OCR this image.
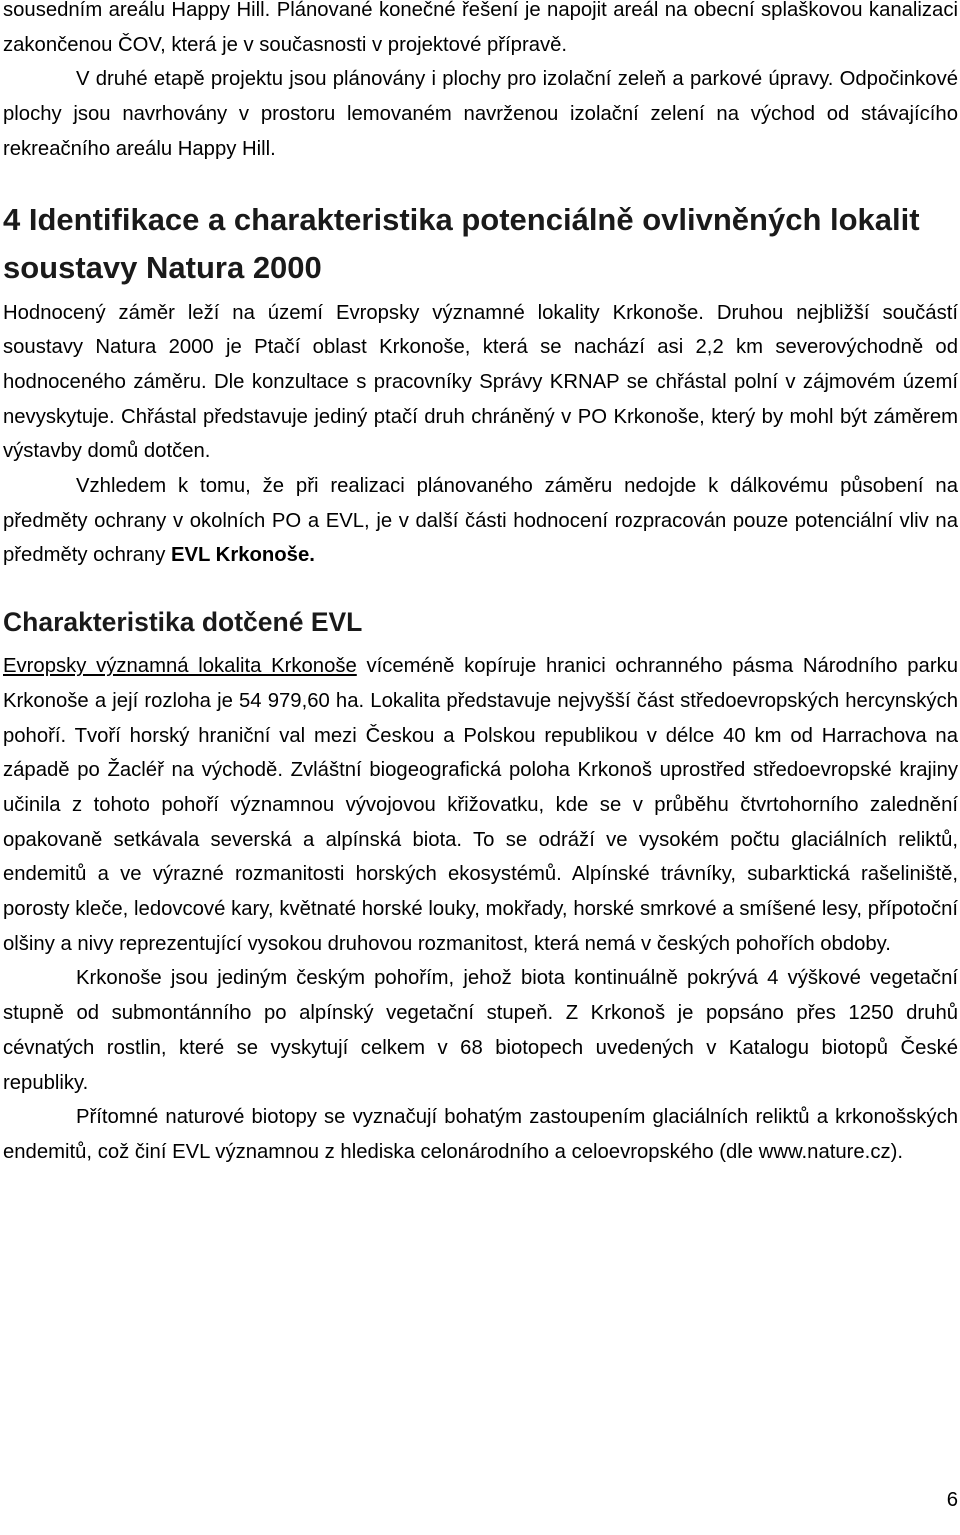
sousedním areálu Happy Hill. Plánované konečné řešení je napojit areál na obecní splaškovou kanalizaci zakončenou ČOV, která je v současnosti v projektové přípravě.

V druhé etapě projektu jsou plánovány i plochy pro izolační zeleň a parkové úpravy. Odpočinkové plochy jsou navrhovány v prostoru lemovaném navrženou izolační zelení na východ od stávajícího rekreačního areálu Happy Hill.

4 Identifikace a charakteristika potenciálně ovlivněných lokalit soustavy Natura 2000

Hodnocený záměr leží na území Evropsky významné lokality Krkonoše. Druhou nejbližší součástí soustavy Natura 2000 je Ptačí oblast Krkonoše, která se nachází asi 2,2 km severovýchodně od hodnoceného záměru. Dle konzultace s pracovníky Správy KRNAP se chřástal polní v zájmovém území nevyskytuje. Chřástal představuje jediný ptačí druh chráněný v PO Krkonoše, který by mohl být záměrem výstavby domů dotčen.

Vzhledem k tomu, že při realizaci plánovaného záměru nedojde k dálkovému působení na předměty ochrany v okolních PO a EVL, je v další části hodnocení rozpracován pouze potenciální vliv na předměty ochrany EVL Krkonoše.

Charakteristika dotčené EVL

Evropsky významná lokalita Krkonoše víceméně kopíruje hranici ochranného pásma Národního parku Krkonoše a její rozloha je 54 979,60 ha. Lokalita představuje nejvyšší část středoevropských hercynských pohoří. Tvoří horský hraniční val mezi Českou a Polskou republikou v délce 40 km od Harrachova na západě po Žacléř na východě. Zvláštní biogeografická poloha Krkonoš uprostřed středoevropské krajiny učinila z tohoto pohoří významnou vývojovou křižovatku, kde se v průběhu čtvrtohorního zalednění opakovaně setkávala severská a alpínská biota. To se odráží ve vysokém počtu glaciálních reliktů, endemitů a ve výrazné rozmanitosti horských ekosystémů. Alpínské trávníky, subarktická rašeliniště, porosty kleče, ledovcové kary, květnaté horské louky, mokřady, horské smrkové a smíšené lesy, přípotoční olšiny a nivy reprezentující vysokou druhovou rozmanitost, která nemá v českých pohořích obdoby.

Krkonoše jsou jediným českým pohořím, jehož biota kontinuálně pokrývá 4 výškové vegetační stupně od submontánního po alpínský vegetační stupeň. Z Krkonoš je popsáno přes 1250 druhů cévnatých rostlin, které se vyskytují celkem v 68 biotopech uvedených v Katalogu biotopů České republiky.

Přítomné naturové biotopy se vyznačují bohatým zastoupením glaciálních reliktů a krkonošských endemitů, což činí EVL významnou z hlediska celonárodního a celoevropského (dle www.nature.cz).

6
